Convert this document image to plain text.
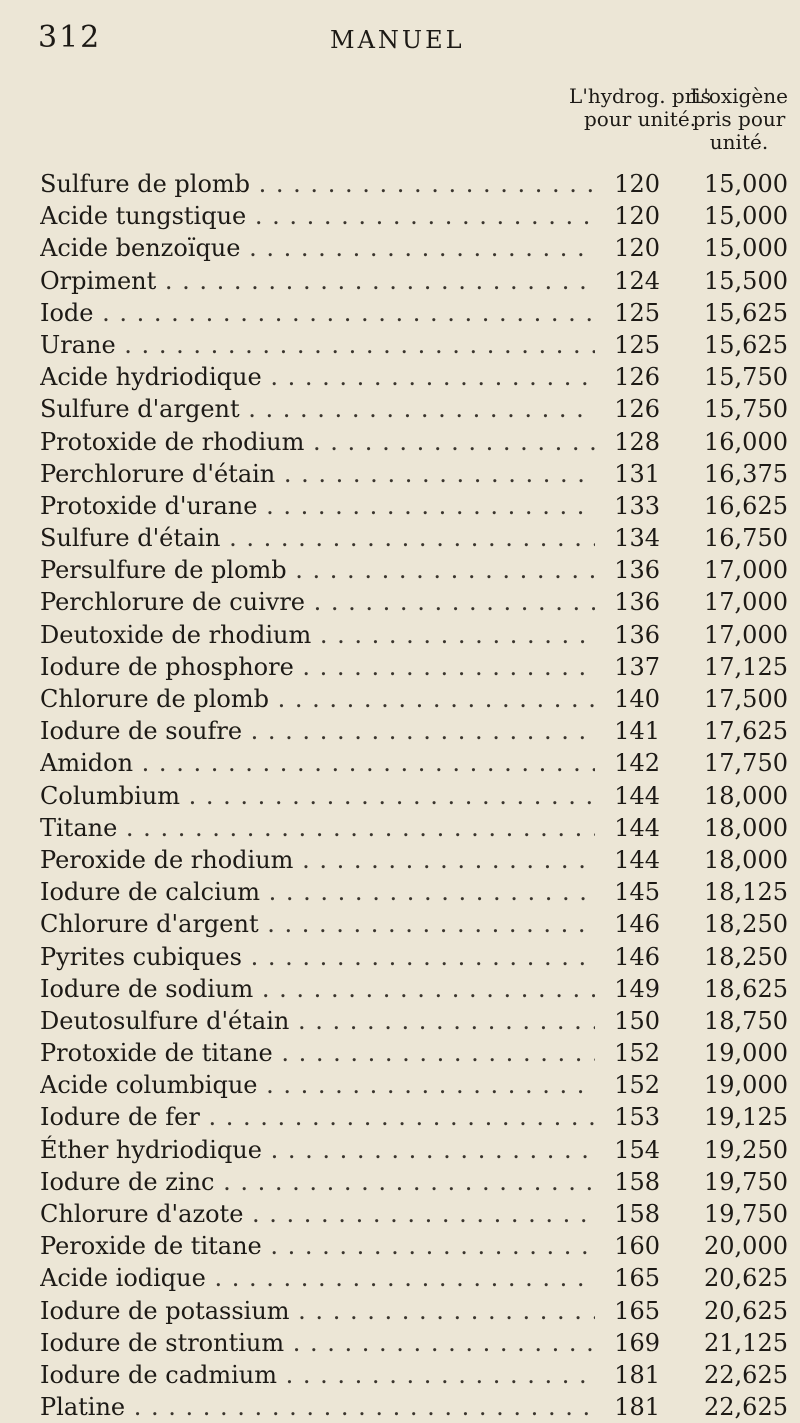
312	MANUEL
L'hydrog. pris pour unité.
L'oxigène pris pour unité.
Sulfure de plomb . . .	120	15,000
Acide tungstique . . .	120	15,000
Acide benzoïque . . .	120	15,000
Orpiment . . .	124	15,500
Iode . . .	125	15,625
Urane . . .	125	15,625
Acide hydriodique . . .	126	15,750
Sulfure d'argent . . .	126	15,750
Protoxide de rhodium . . .	128	16,000
Perchlorure d'étain . . .	131	16,375
Protoxide d'urane . . .	133	16,625
Sulfure d'étain . . .	134	16,750
Persulfure de plomb . . .	136	17,000
Perchlorure de cuivre . . .	136	17,000
Deutoxide de rhodium . . .	136	17,000
Iodure de phosphore . . .	137	17,125
Chlorure de plomb . . .	140	17,500
Iodure de soufre . . .	141	17,625
Amidon . . .	142	17,750
Columbium . . .	144	18,000
Titane . . .	144	18,000
Peroxide de rhodium . . .	144	18,000
Iodure de calcium . . .	145	18,125
Chlorure d'argent . . .	146	18,250
Pyrites cubiques . . .	146	18,250
Iodure de sodium . . .	149	18,625
Deutosulfure d'étain . . .	150	18,750
Protoxide de titane . . .	152	19,000
Acide columbique . . .	152	19,000
Iodure de fer . . .	153	19,125
Éther hydriodique . . .	154	19,250
Iodure de zinc . . .	158	19,750
Chlorure d'azote . . .	158	19,750
Peroxide de titane . . .	160	20,000
Acide iodique . . .	165	20,625
Iodure de potassium . . .	165	20,625
Iodure de strontium . . .	169	21,125
Iodure de cadmium . . .	181	22,625
Platine . . .	181	22,625
